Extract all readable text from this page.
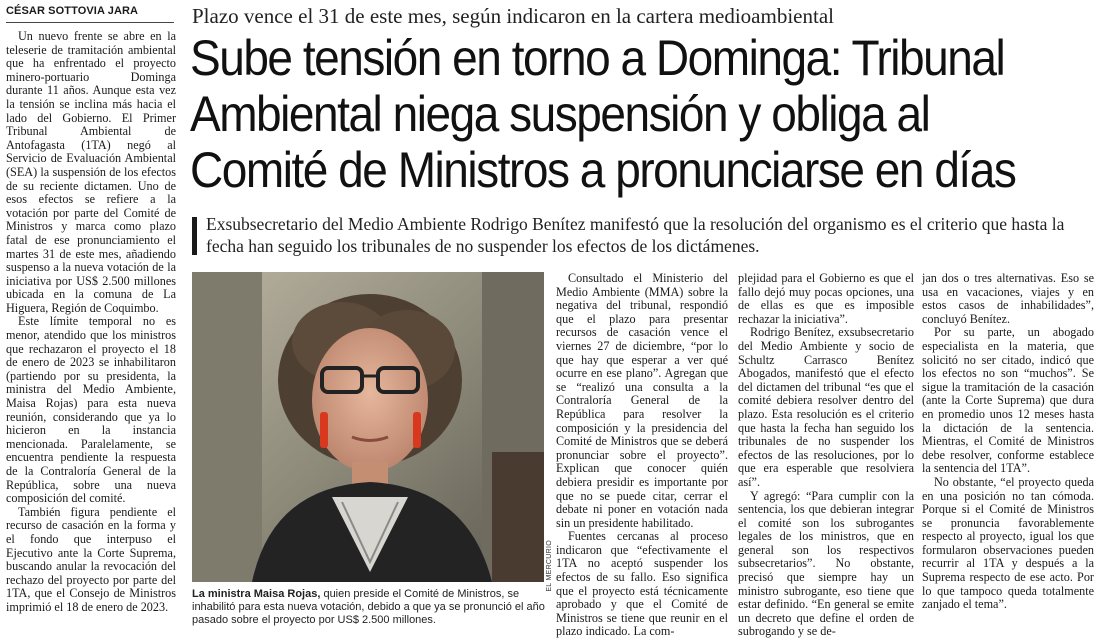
CÉSAR SOTTOVIA JARA

Un nuevo frente se abre en la teleserie de tramitación ambiental que ha enfrentado el proyecto minero-portuario Dominga durante 11 años. Aunque esta vez la tensión se inclina más hacia el lado del Gobierno. El Primer Tribunal Ambiental de Antofagasta (1TA) negó al Servicio de Evaluación Ambiental (SEA) la suspensión de los efectos de su reciente dictamen. Uno de esos efectos se refiere a la votación por parte del Comité de Ministros y marca como plazo fatal de ese pronunciamiento el martes 31 de este mes, añadiendo suspenso a la nueva votación de la iniciativa por US$ 2.500 millones ubicada en la comuna de La Higuera, Región de Coquimbo.

Este límite temporal no es menor, atendido que los ministros que rechazaron el proyecto el 18 de enero de 2023 se inhabilitaron (partiendo por su presidenta, la ministra del Medio Ambiente, Maisa Rojas) para esta nueva reunión, considerando que ya lo hicieron en la instancia mencionada. Paralelamente, se encuentra pendiente la respuesta de la Contraloría General de la República, sobre una nueva composición del comité.

También figura pendiente el recurso de casación en la forma y el fondo que interpuso el Ejecutivo ante la Corte Suprema, buscando anular la revocación del rechazo del proyecto por parte del 1TA, que el Consejo de Ministros imprimió el 18 de enero de 2023.

Plazo vence el 31 de este mes, según indicaron en la cartera medioambiental
Sube tensión en torno a Dominga: Tribunal Ambiental niega suspensión y obliga al Comité de Ministros a pronunciarse en días
Exsubsecretario del Medio Ambiente Rodrigo Benítez manifestó que la resolución del organismo es el criterio que hasta la fecha han seguido los tribunales de no suspender los efectos de los dictámenes.
EL MERCURIO
La ministra Maisa Rojas, quien preside el Comité de Ministros, se inhabilitó para esta nueva votación, debido a que ya se pronunció el año pasado sobre el proyecto por US$ 2.500 millones.

Consultado el Ministerio del Medio Ambiente (MMA) sobre la negativa del tribunal, respondió que el plazo para presentar recursos de casación vence el viernes 27 de diciembre, “por lo que hay que esperar a ver qué ocurre en ese plano”. Agregan que se “realizó una consulta a la Contraloría General de la República para resolver la composición y la presidencia del Comité de Ministros que se deberá pronunciar sobre el proyecto”. Explican que conocer quién debiera presidir es importante por que no se puede citar, cerrar el debate ni poner en votación nada sin un presidente habilitado.

Fuentes cercanas al proceso indicaron que “efectivamente el 1TA no aceptó suspender los efectos de su fallo. Eso significa que el proyecto está técnicamente aprobado y que el Comité de Ministros se tiene que reunir en el plazo indicado. La com-

plejidad para el Gobierno es que el fallo dejó muy pocas opciones, una de ellas es que es imposible rechazar la iniciativa”.

Rodrigo Benítez, exsubsecretario del Medio Ambiente y socio de Schultz Carrasco Benítez Abogados, manifestó que el efecto del dictamen del tribunal “es que el comité debiera resolver dentro del plazo. Esta resolución es el criterio que hasta la fecha han seguido los tribunales de no suspender los efectos de las resoluciones, por lo que era esperable que resolviera así”.

Y agregó: “Para cumplir con la sentencia, los que debieran integrar el comité son los subrogantes legales de los ministros, que en general son los respectivos subsecretarios”. No obstante, precisó que siempre hay un ministro subrogante, eso tiene que estar definido. “En general se emite un decreto que define el orden de subrogando y se de-

jan dos o tres alternativas. Eso se usa en vacaciones, viajes y en estos casos de inhabilidades”, concluyó Benítez.

Por su parte, un abogado especialista en la materia, que solicitó no ser citado, indicó que los efectos no son “muchos”. Se sigue la tramitación de la casación (ante la Corte Suprema) que dura en promedio unos 12 meses hasta la dictación de la sentencia. Mientras, el Comité de Ministros debe resolver, conforme establece la sentencia del 1TA”.

No obstante, “el proyecto queda en una posición no tan cómoda. Porque si el Comité de Ministros se pronuncia favorablemente respecto al proyecto, igual los que formularon observaciones pueden recurrir al 1TA y después a la Suprema respecto de ese acto. Por lo que tampoco queda totalmente zanjado el tema”.
